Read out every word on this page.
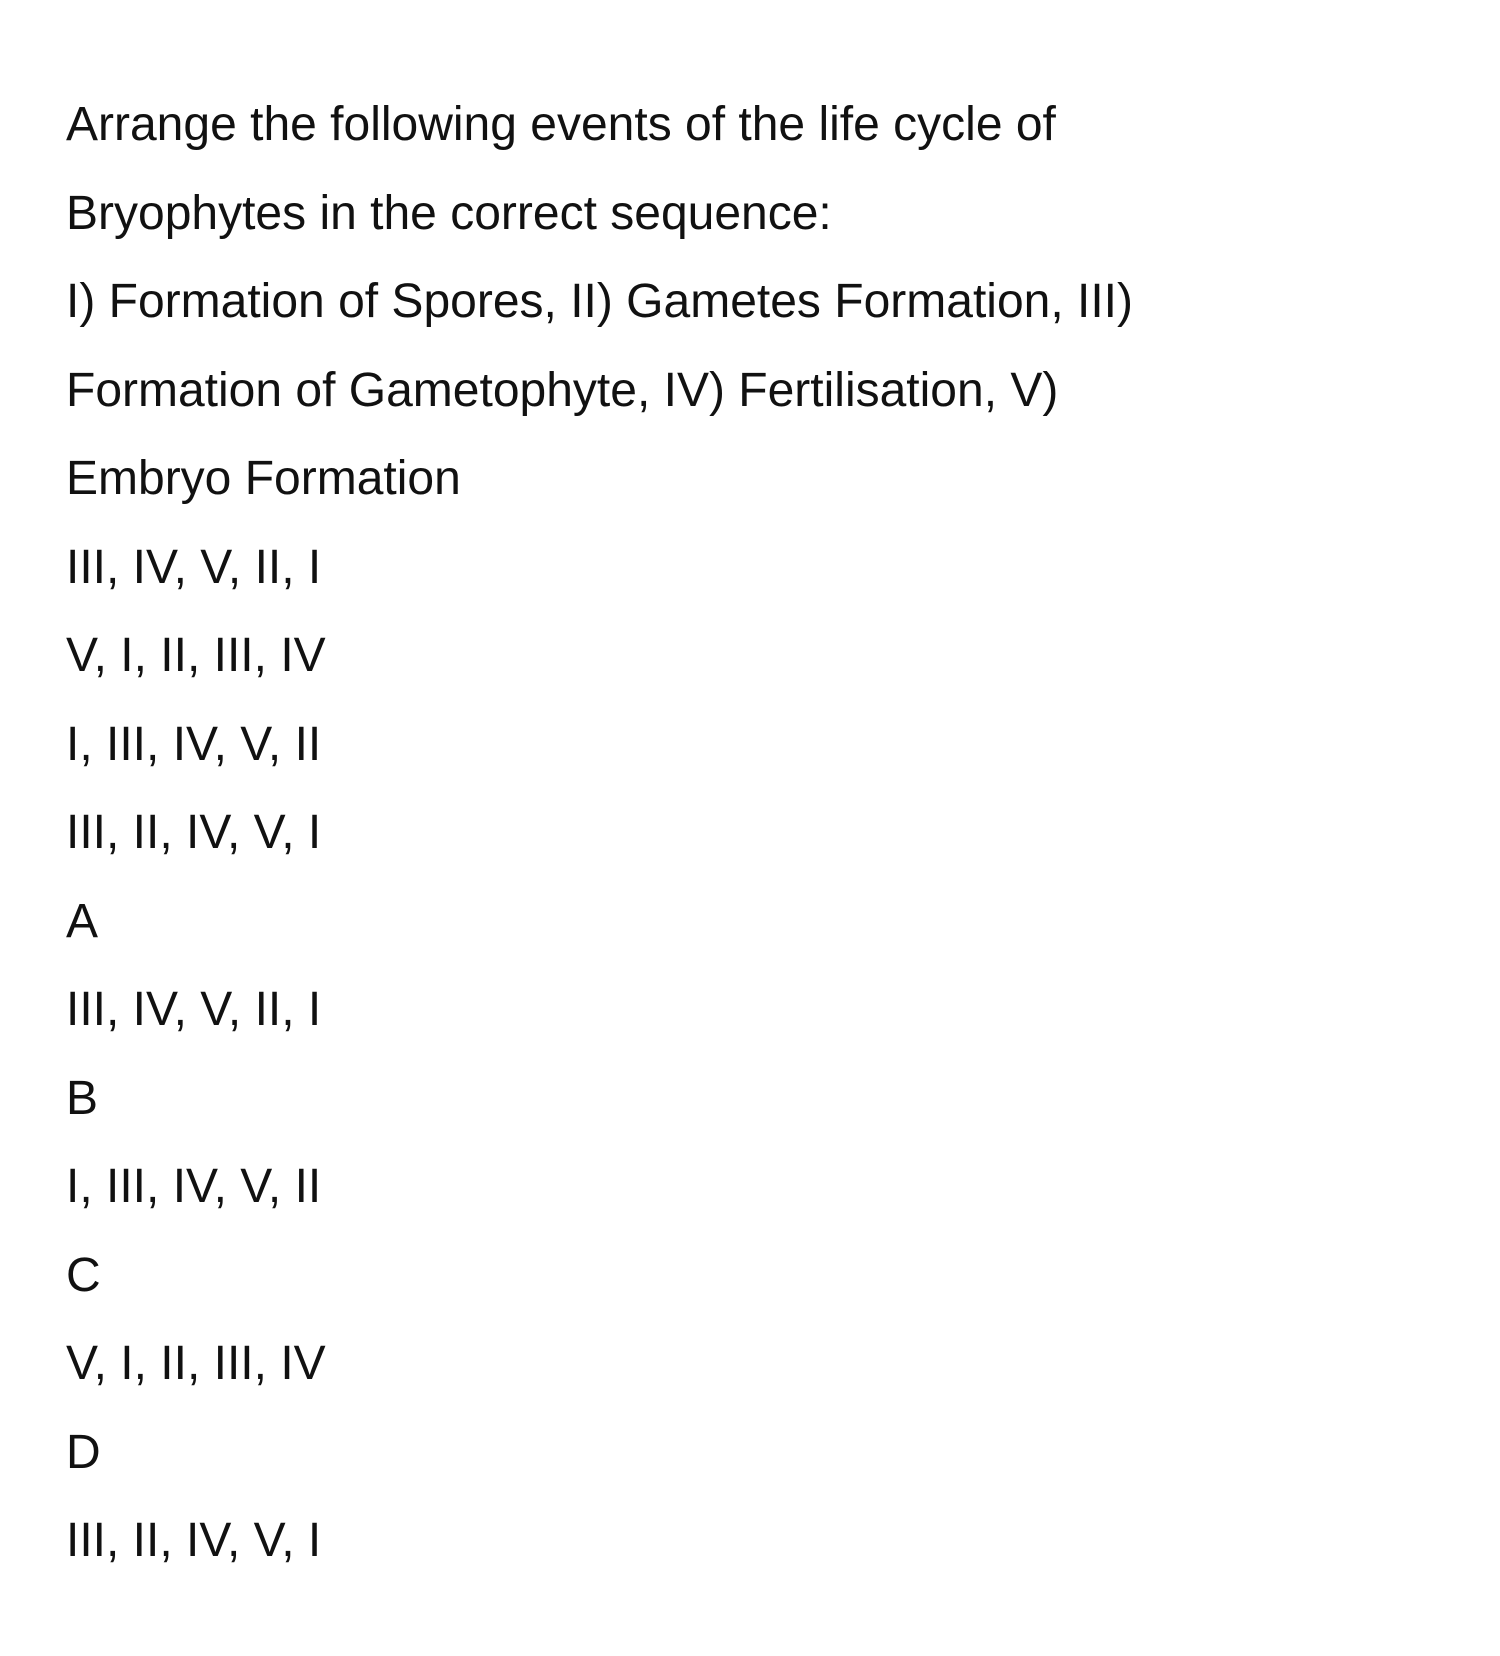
Arrange the following events of the life cycle of

Bryophytes in the correct sequence:

I) Formation of Spores, II) Gametes Formation, III)

Formation of Gametophyte, IV) Fertilisation, V)

Embryo Formation

III, IV, V, II, I

V, I, II, III, IV

I, III, IV, V, II

III, II, IV, V, I

A

III, IV, V, II, I

B

I, III, IV, V, II

C

V, I, II, III, IV

D

III, II, IV, V, I
